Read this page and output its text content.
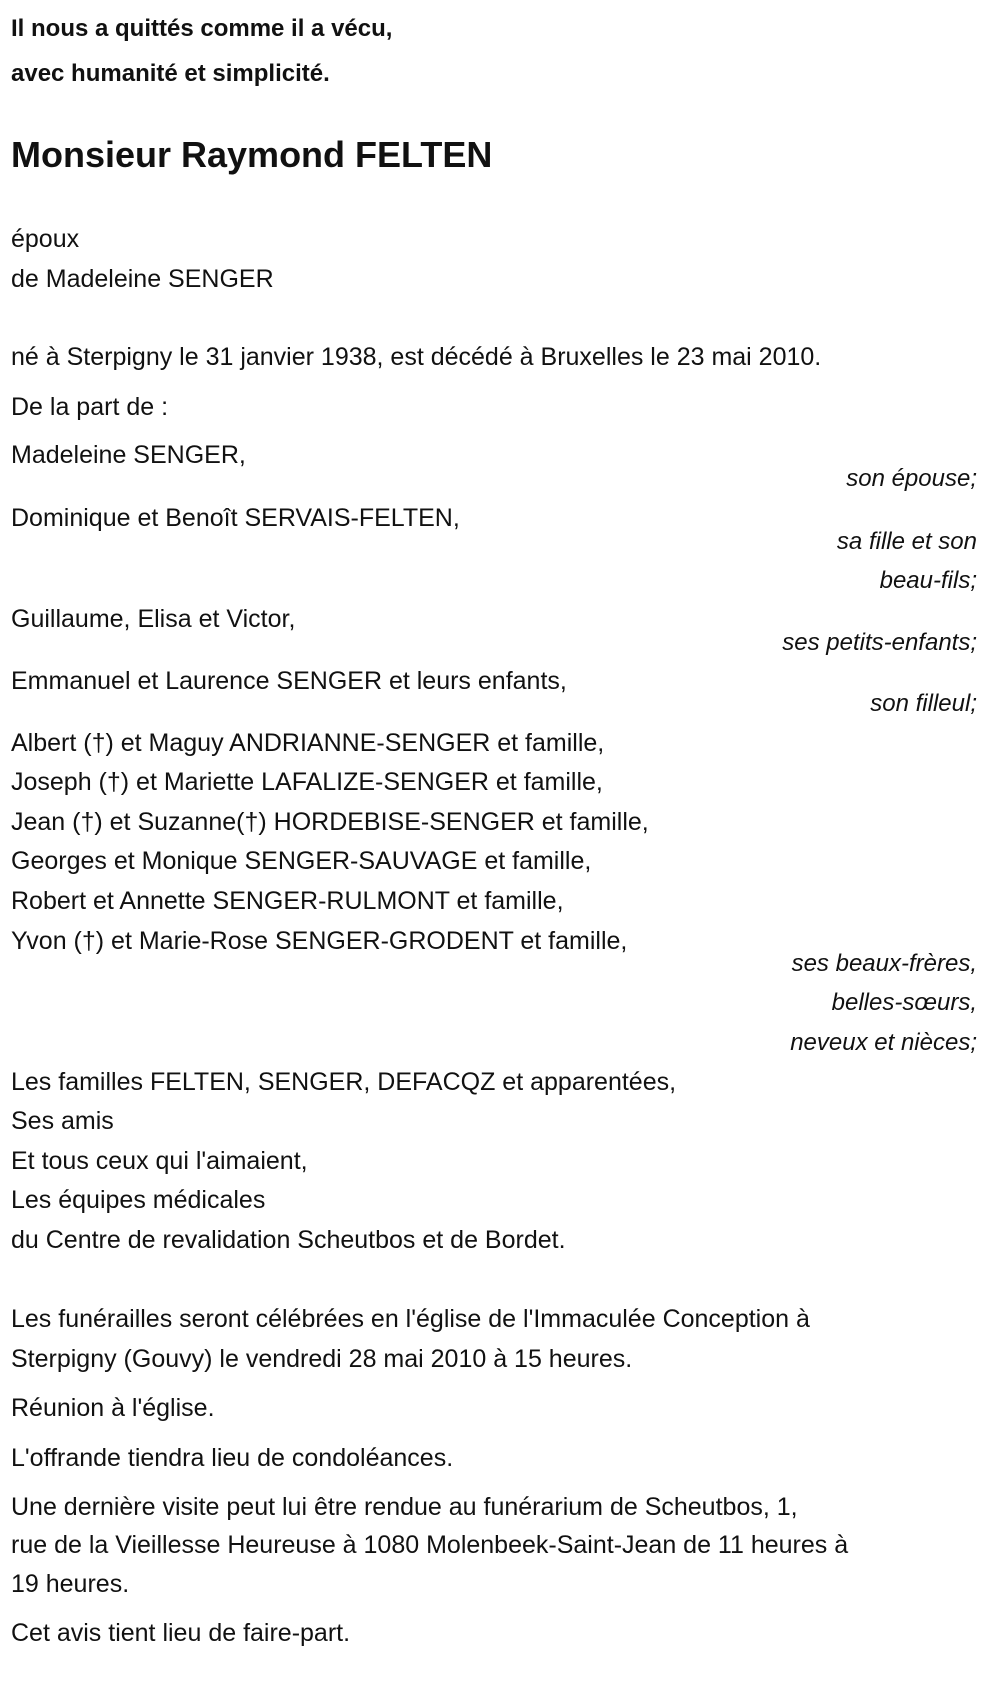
Il nous a quittés comme il a vécu,
avec humanité et simplicité.
Monsieur Raymond FELTEN
époux
de Madeleine SENGER
né à Sterpigny le 31 janvier 1938, est décédé à Bruxelles le 23 mai 2010.
De la part de :
Madeleine SENGER,
son épouse;
Dominique et Benoît SERVAIS-FELTEN,
sa fille et son
beau-fils;
Guillaume, Elisa et Victor,
ses petits-enfants;
Emmanuel et Laurence SENGER et leurs enfants,
son filleul;
Albert (†) et Maguy ANDRIANNE-SENGER et famille,
Joseph (†) et Mariette LAFALIZE-SENGER et famille,
Jean (†) et Suzanne(†) HORDEBISE-SENGER et famille,
Georges et Monique SENGER-SAUVAGE et famille,
Robert et Annette SENGER-RULMONT et famille,
Yvon (†) et Marie-Rose SENGER-GRODENT et famille,
ses beaux-frères,
belles-sœurs,
neveux et nièces;
Les familles FELTEN, SENGER, DEFACQZ et apparentées,
Ses amis
Et tous ceux qui l'aimaient,
Les équipes médicales
du Centre de revalidation Scheutbos et de Bordet.
Les funérailles seront célébrées en l'église de l'Immaculée Conception à
Sterpigny (Gouvy) le vendredi 28 mai 2010 à 15 heures.
Réunion à l'église.
L'offrande tiendra lieu de condoléances.
Une dernière visite peut lui être rendue au funérarium de Scheutbos, 1,
rue de la Vieillesse Heureuse à 1080 Molenbeek-Saint-Jean de 11 heures à
19 heures.
Cet avis tient lieu de faire-part.
